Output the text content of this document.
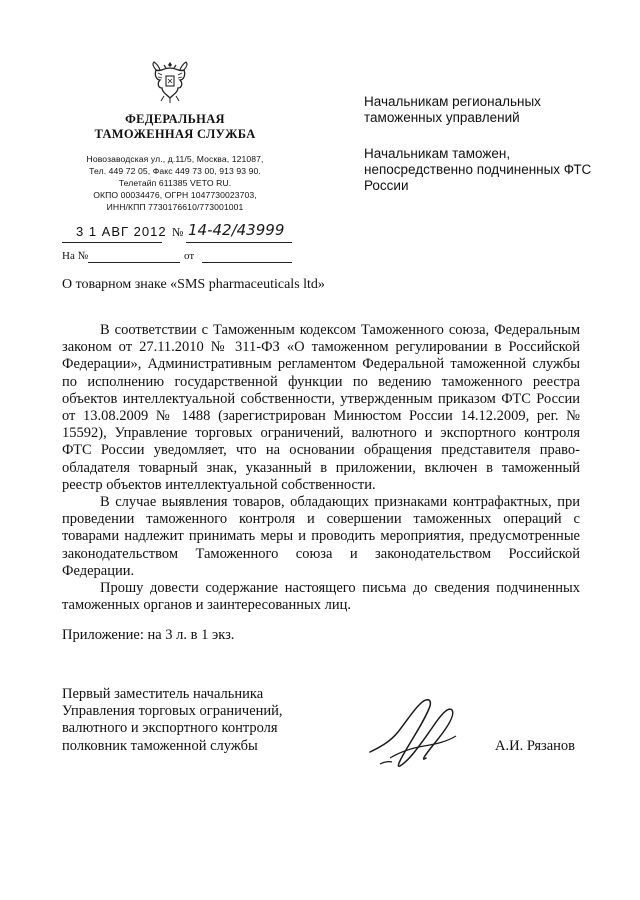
ФЕДЕРАЛЬНАЯ
ТАМОЖЕННАЯ СЛУЖБА
Новозаводская ул., д.11/5, Москва, 121087,
Тел. 449 72 05, Факс 449 73 00, 913 93 90.
Телетайп 611385 VETO RU.
ОКПО 00034476, ОГРН 1047730023703,
ИНН/КПП 7730176610/773001001
3 1 АВГ 2012 № 14-42/43999
На №	от
О товарном знаке «SMS pharmaceuticals ltd»
Начальникам региональных таможенных управлений
Начальникам таможен, непосредственно подчиненных ФТС России

В соответствии с Таможенным кодексом Таможенного союза, Федеральным законом от 27.11.2010 № 311-ФЗ «О таможенном регулировании в Российской Федерации», Административным регламентом Федеральной таможенной службы по исполнению государственной функции по ведению таможенного реестра объектов интеллектуальной собственности, утвержденным приказом ФТС России от 13.08.2009 № 1488 (зарегистрирован Минюстом России 14.12.2009, рег. № 15592), Управление торговых ограничений, валютного и экспортного контроля ФТС России уведомляет, что на основании обращения представителя право-обладателя товарный знак, указанный в приложении, включен в таможенный реестр объектов интеллектуальной собственности.

В случае выявления товаров, обладающих признаками контрафактных, при проведении таможенного контроля и совершении таможенных операций с товарами надлежит принимать меры и проводить мероприятия, предусмотренные законодательством Таможенного союза и законодательством Российской Федерации.

Прошу довести содержание настоящего письма до сведения подчиненных таможенных органов и заинтересованных лиц.

Приложение: на 3 л. в 1 экз.
Первый заместитель начальника
Управления торговых ограничений,
валютного и экспортного контроля
полковник таможенной службы	А.И. Рязанов
